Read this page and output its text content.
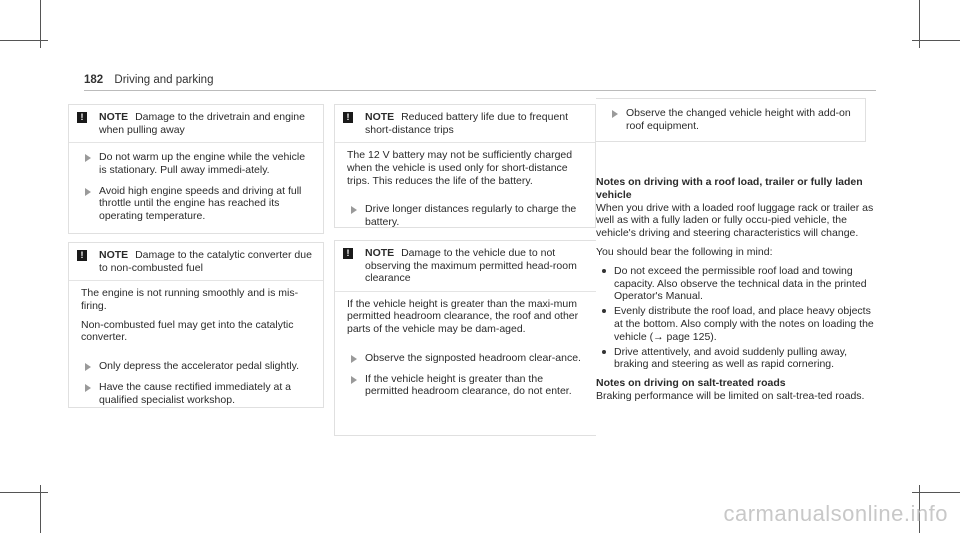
182 Driving and parking
!	NOTE Damage to the drivetrain and engine when pulling away
Do not warm up the engine while the vehicle is stationary. Pull away immedi-ately.
Avoid high engine speeds and driving at full throttle until the engine has reached its operating temperature.
!	NOTE Damage to the catalytic converter due to non-combusted fuel

The engine is not running smoothly and is mis-firing.

Non-combusted fuel may get into the catalytic converter.

Only depress the accelerator pedal slightly.
Have the cause rectified immediately at a qualified specialist workshop.
!	NOTE Reduced battery life due to frequent short-distance trips

The 12 V battery may not be sufficiently charged when the vehicle is used only for short-distance trips. This reduces the life of the battery.

Drive longer distances regularly to charge the battery.
!	NOTE Damage to the vehicle due to not observing the maximum permitted head-room clearance

If the vehicle height is greater than the maxi-mum permitted headroom clearance, the roof and other parts of the vehicle may be dam-aged.

Observe the signposted headroom clear-ance.
If the vehicle height is greater than the permitted headroom clearance, do not enter.
Observe the changed vehicle height with add-on roof equipment.
Notes on driving with a roof load, trailer or fully laden vehicle

When you drive with a loaded roof luggage rack or trailer as well as with a fully laden or fully occu-pied vehicle, the vehicle's driving and steering characteristics will change.

You should bear the following in mind:

Do not exceed the permissible roof load and towing capacity. Also observe the technical data in the printed Operator's Manual.
Evenly distribute the roof load, and place heavy objects at the bottom. Also comply with the notes on loading the vehicle (→ page 125).
Drive attentively, and avoid suddenly pulling away, braking and steering as well as rapid cornering.
Notes on driving on salt-treated roads

Braking performance will be limited on salt-trea-ted roads.

carmanualsonline.info
